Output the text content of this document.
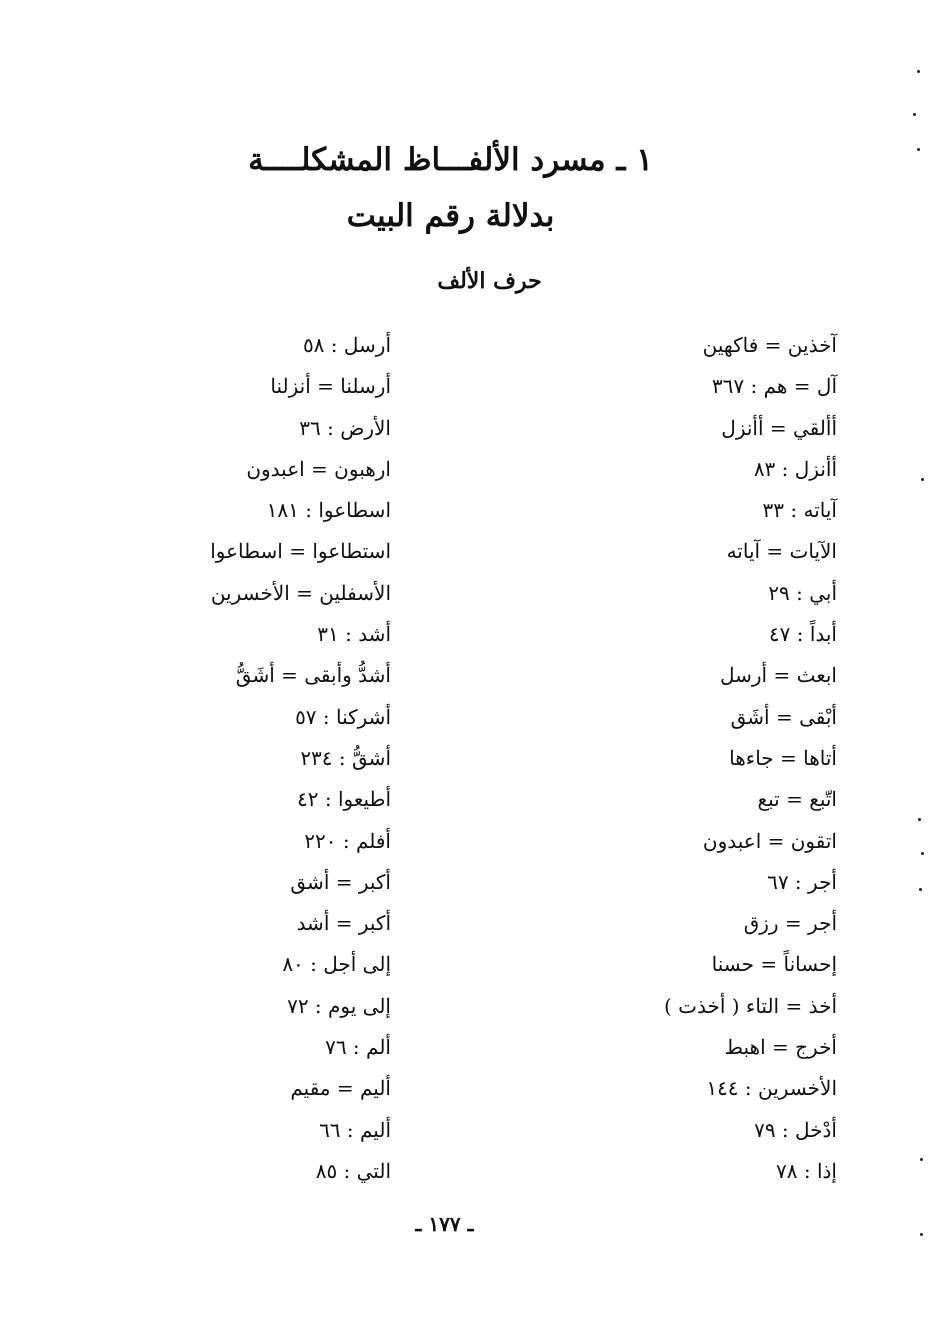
١ ـ مسرد الألفـــاظ المشكلــــة
بدلالة رقم البيت
حرف الألف
آخذين = فاكهين
آل = هم : ٣٦٧
أألقي = أأنزل
أأنزل : ٨٣
آياته : ٣٣
الآيات = آياته
أبي : ٢٩
أبداً : ٤٧
ابعث = أرسل
أبْقى = أشَق
أتاها = جاءها
اتّبع = تبع
اتقون = اعبدون
أجر : ٦٧
أجر = رزق
إحساناً = حسنا
أخذ = التاء ( أخذت )
أخرج = اهبط
الأخسرين : ١٤٤
أدْخل : ٧٩
إذا : ٧٨
أرسل : ٥٨
أرسلنا = أنزلنا
الأرض : ٣٦
ارهبون = اعبدون
اسطاعوا : ١٨١
استطاعوا = اسطاعوا
الأسفلين = الأخسرين
أشد : ٣١
أشدُّ وأبقى = أشَقُّ
أشركنا : ٥٧
أشقُّ : ٢٣٤
أطيعوا : ٤٢
أفلم : ٢٢٠
أكبر = أشق
أكبر = أشد
إلى أجل : ٨٠
إلى يوم : ٧٢
ألم : ٧٦
أليم = مقيم
أليم : ٦٦
التي : ٨٥
ـ ١٧٧ ـ
